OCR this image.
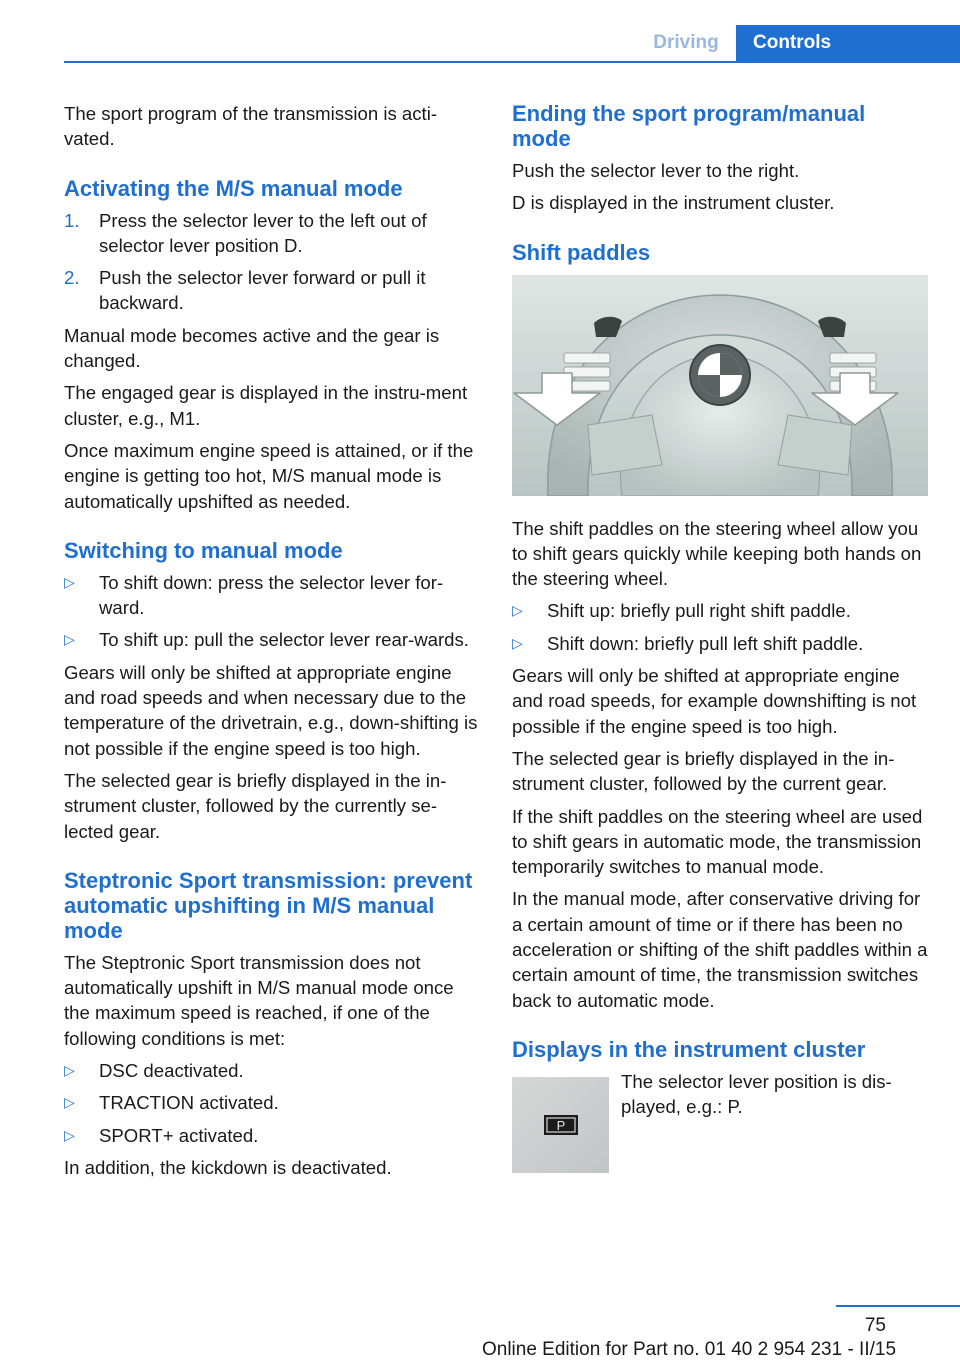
Driving	Controls

The sport program of the transmission is acti‐vated.

Activating the M/S manual mode
1. Press the selector lever to the left out of selector lever position D.
2. Push the selector lever forward or pull it backward.

Manual mode becomes active and the gear is changed.

The engaged gear is displayed in the instru‐ment cluster, e.g., M1.

Once maximum engine speed is attained, or if the engine is getting too hot, M/S manual mode is automatically upshifted as needed.

Switching to manual mode
▷ To shift down: press the selector lever for‐ward.
▷ To shift up: pull the selector lever rear‐wards.

Gears will only be shifted at appropriate engine and road speeds and when necessary due to the temperature of the drivetrain, e.g., down‐shifting is not possible if the engine speed is too high.

The selected gear is briefly displayed in the in‐strument cluster, followed by the currently se‐lected gear.

Steptronic Sport transmission: prevent automatic upshifting in M/S manual mode

The Steptronic Sport transmission does not automatically upshift in M/S manual mode once the maximum speed is reached, if one of the following conditions is met:

▷ DSC deactivated.
▷ TRACTION activated.
▷ SPORT+ activated.

In addition, the kickdown is deactivated.

Ending the sport program/manual mode

Push the selector lever to the right.

D is displayed in the instrument cluster.

Shift paddles

The shift paddles on the steering wheel allow you to shift gears quickly while keeping both hands on the steering wheel.

▷ Shift up: briefly pull right shift paddle.
▷ Shift down: briefly pull left shift paddle.

Gears will only be shifted at appropriate engine and road speeds, for example downshifting is not possible if the engine speed is too high.

The selected gear is briefly displayed in the in‐strument cluster, followed by the current gear.

If the shift paddles on the steering wheel are used to shift gears in automatic mode, the transmission temporarily switches to manual mode.

In the manual mode, after conservative driving for a certain amount of time or if there has been no acceleration or shifting of the shift paddles within a certain amount of time, the transmission switches back to automatic mode.

Displays in the instrument cluster
P

The selector lever position is dis‐played, e.g.: P.

75
Online Edition for Part no. 01 40 2 954 231 - II/15
